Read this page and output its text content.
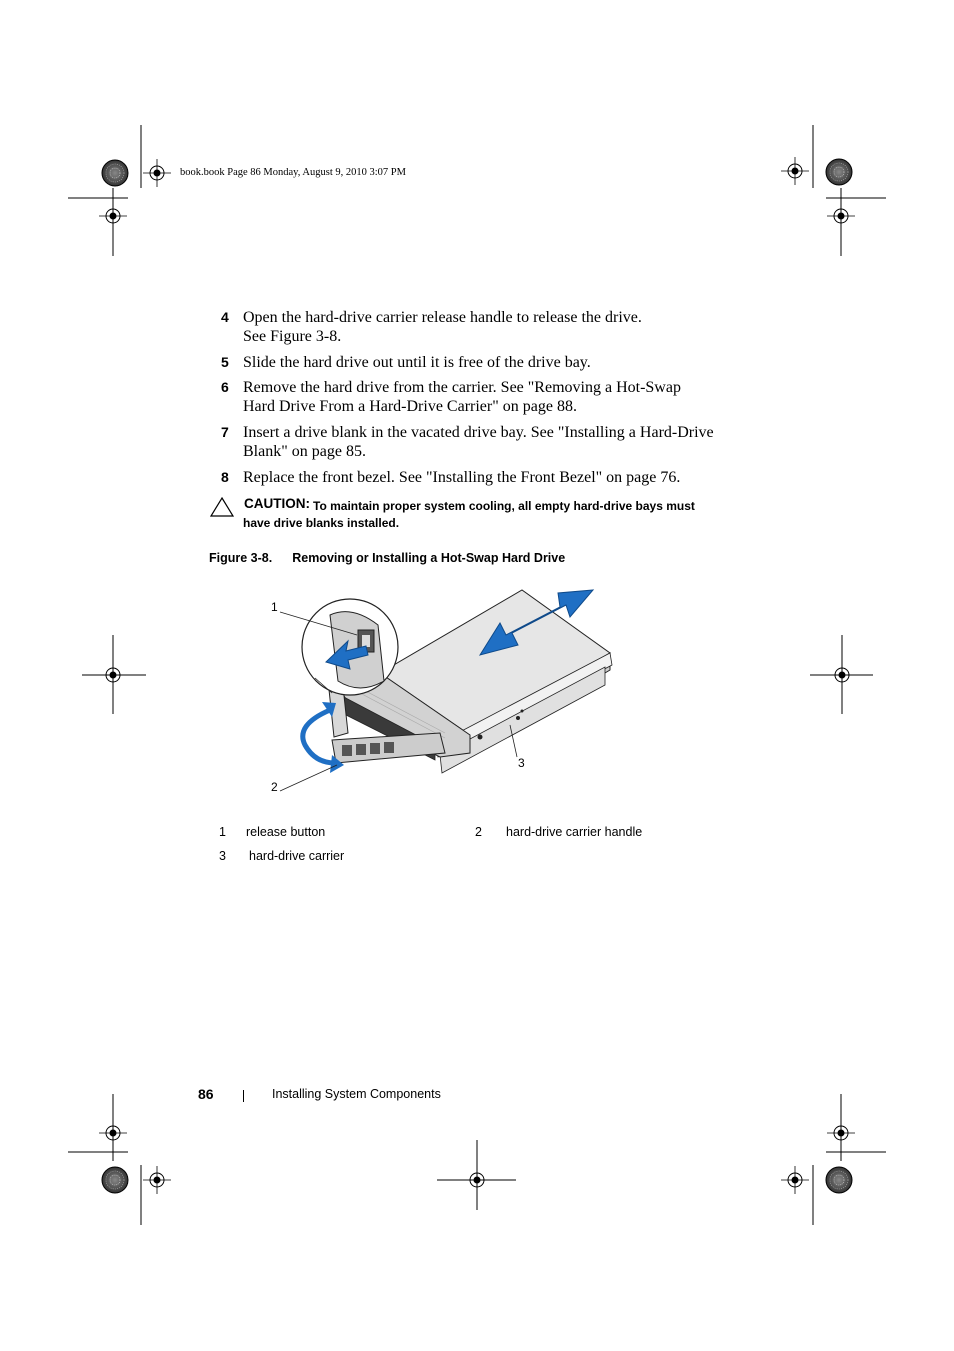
book.book Page 86 Monday, August 9, 2010 3:07 PM
4 Open the hard-drive carrier release handle to release the drive.
See Figure 3-8.
5 Slide the hard drive out until it is free of the drive bay.
6 Remove the hard drive from the carrier. See "Removing a Hot-Swap
Hard Drive From a Hard-Drive Carrier" on page 88.
7 Insert a drive blank in the vacated drive bay. See "Installing a Hard-Drive
Blank" on page 85.
8 Replace the front bezel. See "Installing the Front Bezel" on page 76.
CAUTION: To maintain proper system cooling, all empty hard-drive bays must have drive blanks installed.
Figure 3-8. Removing or Installing a Hot-Swap Hard Drive
1
2
3
1 release button	2 hard-drive carrier handle
3 hard-drive carrier
86	Installing System Components
